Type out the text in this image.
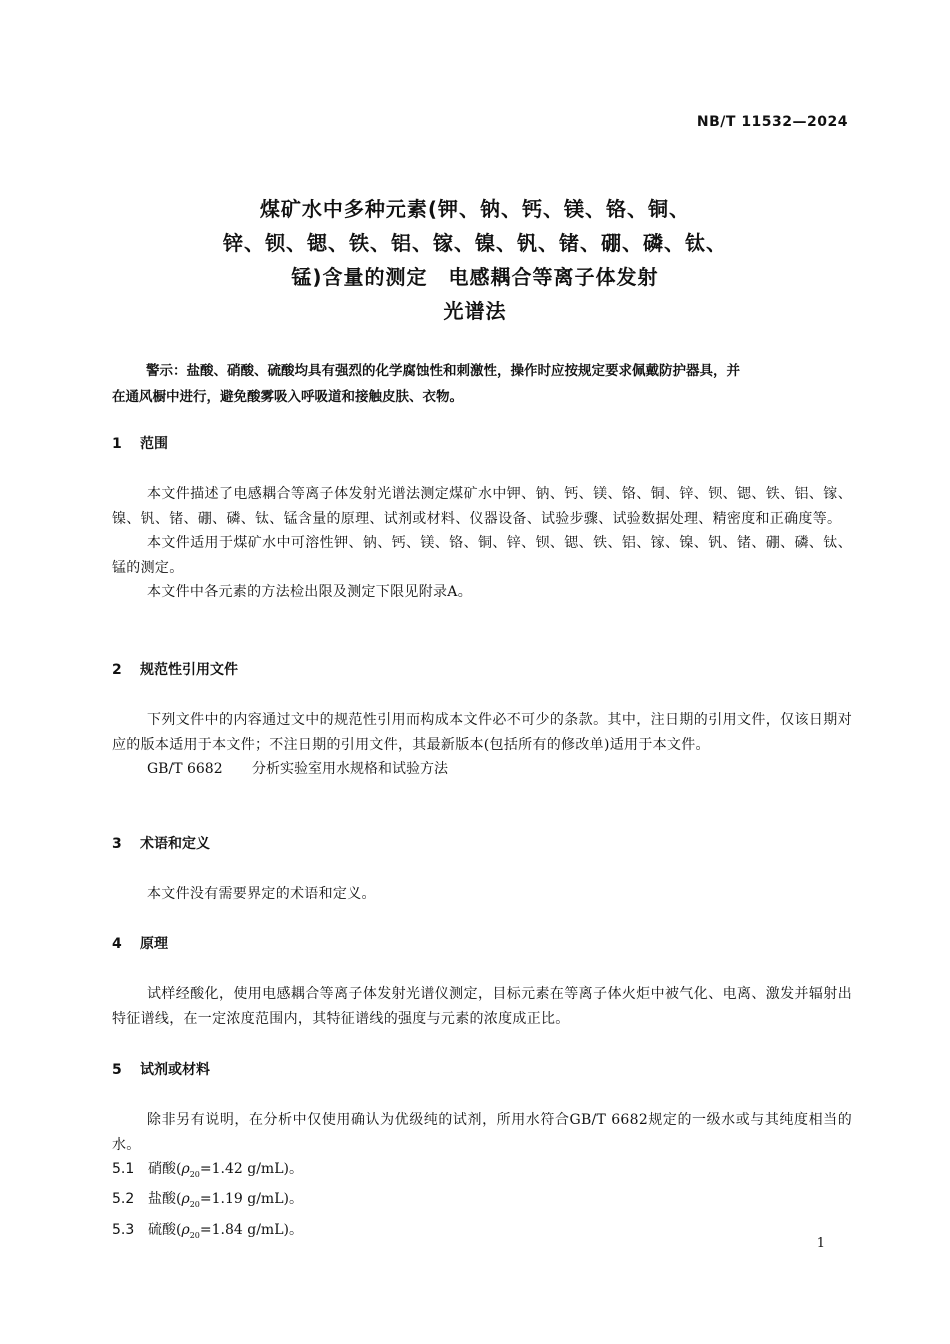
NB/T 11532—2024
煤矿水中多种元素(钾、钠、钙、镁、铬、铜、
锌、钡、锶、铁、铝、镓、镍、钒、锗、硼、磷、钛、
锰)含量的测定　电感耦合等离子体发射
光谱法
警示：盐酸、硝酸、硫酸均具有强烈的化学腐蚀性和刺激性，操作时应按规定要求佩戴防护器具，并
在通风橱中进行，避免酸雾吸入呼吸道和接触皮肤、衣物。
1 范围

本文件描述了电感耦合等离子体发射光谱法测定煤矿水中钾、钠、钙、镁、铬、铜、锌、钡、锶、铁、铝、镓、镍、钒、锗、硼、磷、钛、锰含量的原理、试剂或材料、仪器设备、试验步骤、试验数据处理、精密度和正确度等。

本文件适用于煤矿水中可溶性钾、钠、钙、镁、铬、铜、锌、钡、锶、铁、铝、镓、镍、钒、锗、硼、磷、钛、锰的测定。

本文件中各元素的方法检出限及测定下限见附录A。

2 规范性引用文件

下列文件中的内容通过文中的规范性引用而构成本文件必不可少的条款。其中，注日期的引用文件，仅该日期对应的版本适用于本文件；不注日期的引用文件，其最新版本(包括所有的修改单)适用于本文件。

GB/T 6682 分析实验室用水规格和试验方法
3 术语和定义

本文件没有需要界定的术语和定义。

4 原理

试样经酸化，使用电感耦合等离子体发射光谱仪测定，目标元素在等离子体火炬中被气化、电离、激发并辐射出特征谱线，在一定浓度范围内，其特征谱线的强度与元素的浓度成正比。

5 试剂或材料

除非另有说明，在分析中仅使用确认为优级纯的试剂，所用水符合GB/T 6682规定的一级水或与其纯度相当的水。

5.1 硝酸($\rho_{20}=1.42$ g/mL)。
5.2 盐酸($\rho_{20}=1.19$ g/mL)。
5.3 硫酸($\rho_{20}=1.84$ g/mL)。
1
